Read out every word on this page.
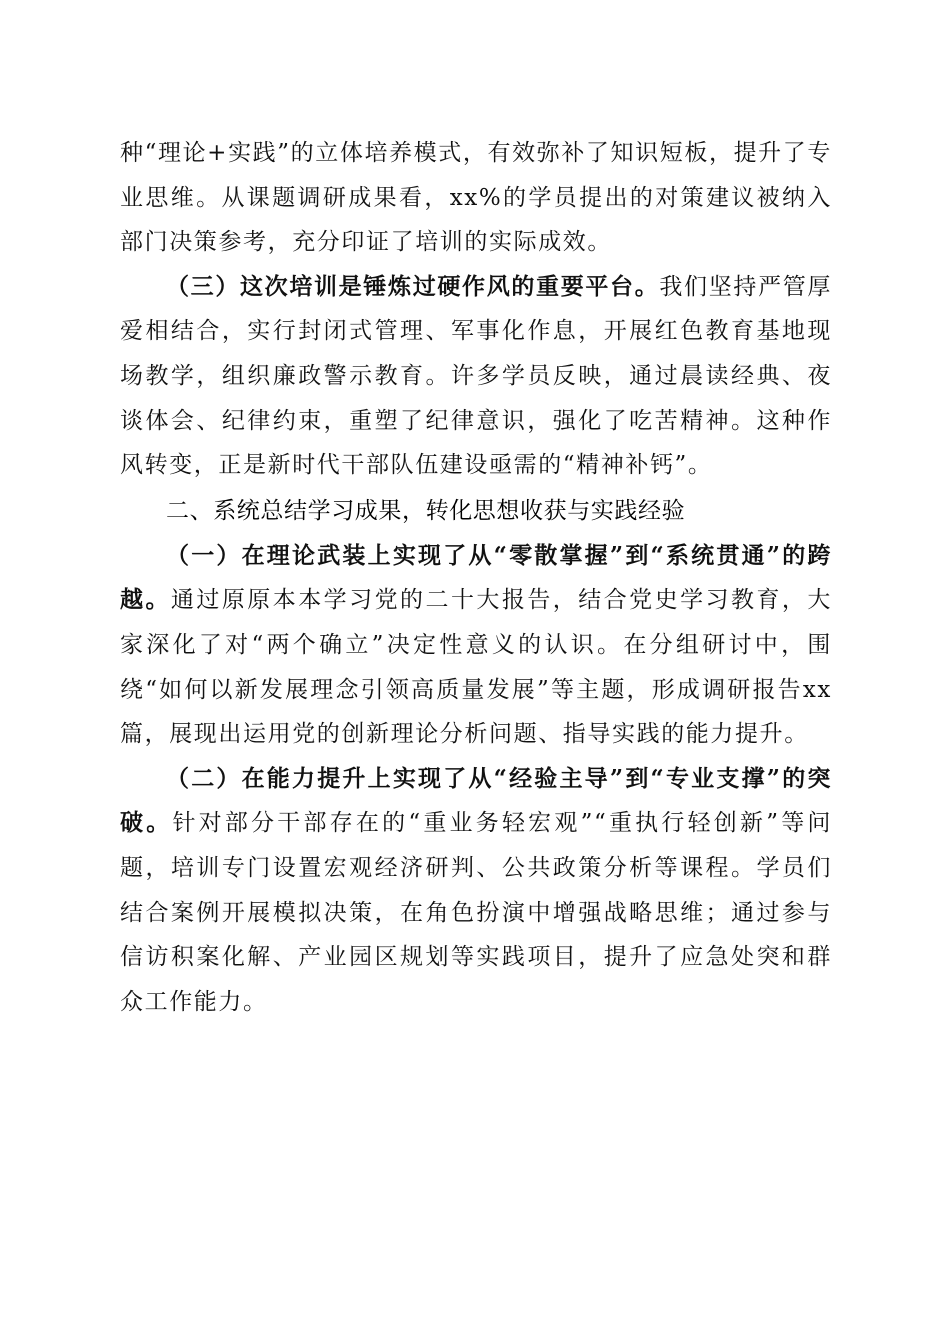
种“理论+实践”的立体培养模式，有效弥补了知识短板，提升了专业思维。从课题调研成果看，xx%的学员提出的对策建议被纳入部门决策参考，充分印证了培训的实际成效。

（三）这次培训是锤炼过硬作风的重要平台。我们坚持严管厚爱相结合，实行封闭式管理、军事化作息，开展红色教育基地现场教学，组织廉政警示教育。许多学员反映，通过晨读经典、夜谈体会、纪律约束，重塑了纪律意识，强化了吃苦精神。这种作风转变，正是新时代干部队伍建设亟需的“精神补钙”。

二、系统总结学习成果，转化思想收获与实践经验

（一）在理论武装上实现了从“零散掌握”到“系统贯通”的跨越。通过原原本本学习党的二十大报告，结合党史学习教育，大家深化了对“两个确立”决定性意义的认识。在分组研讨中，围绕“如何以新发展理念引领高质量发展”等主题，形成调研报告xx篇，展现出运用党的创新理论分析问题、指导实践的能力提升。

（二）在能力提升上实现了从“经验主导”到“专业支撑”的突破。针对部分干部存在的“重业务轻宏观”“重执行轻创新”等问题，培训专门设置宏观经济研判、公共政策分析等课程。学员们结合案例开展模拟决策，在角色扮演中增强战略思维；通过参与信访积案化解、产业园区规划等实践项目，提升了应急处突和群众工作能力。
